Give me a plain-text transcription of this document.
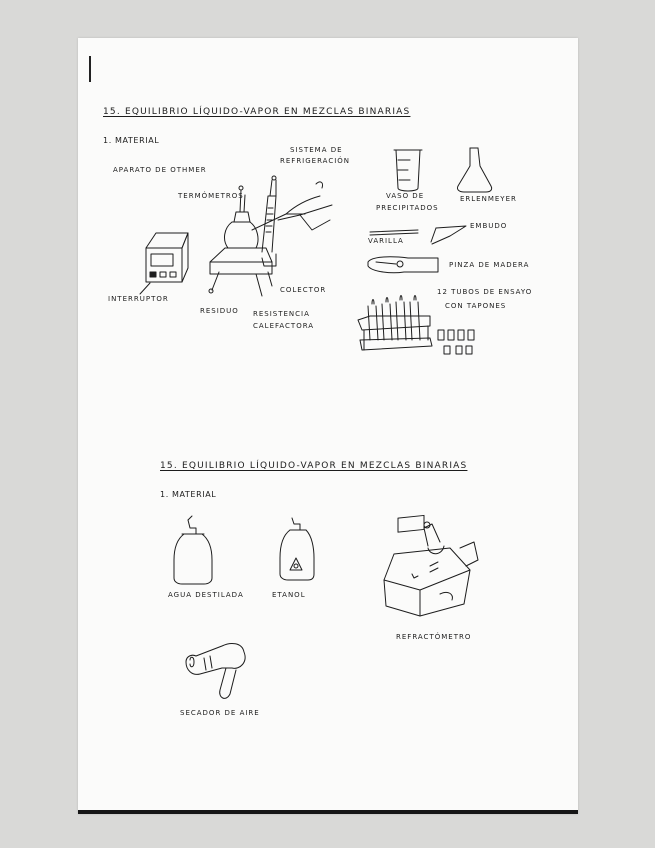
15. EQUILIBRIO LÍQUIDO-VAPOR EN MEZCLAS BINARIAS
1. MATERIAL
APARATO DE OTHMER
SISTEMA DE
REFRIGERACIÓN
TERMÓMETROS
INTERRUPTOR
RESIDUO RESISTENCIA
CALEFACTORA
COLECTOR
VASO DE
PRECIPITADOS
ERLENMEYER
VARILLA
EMBUDO
PINZA DE MADERA
12 TUBOS DE ENSAYO
CON TAPONES
15. EQUILIBRIO LÍQUIDO-VAPOR EN MEZCLAS BINARIAS
1. MATERIAL
AGUA DESTILADA	ETANOL
REFRACTÓMETRO
SECADOR DE AIRE
